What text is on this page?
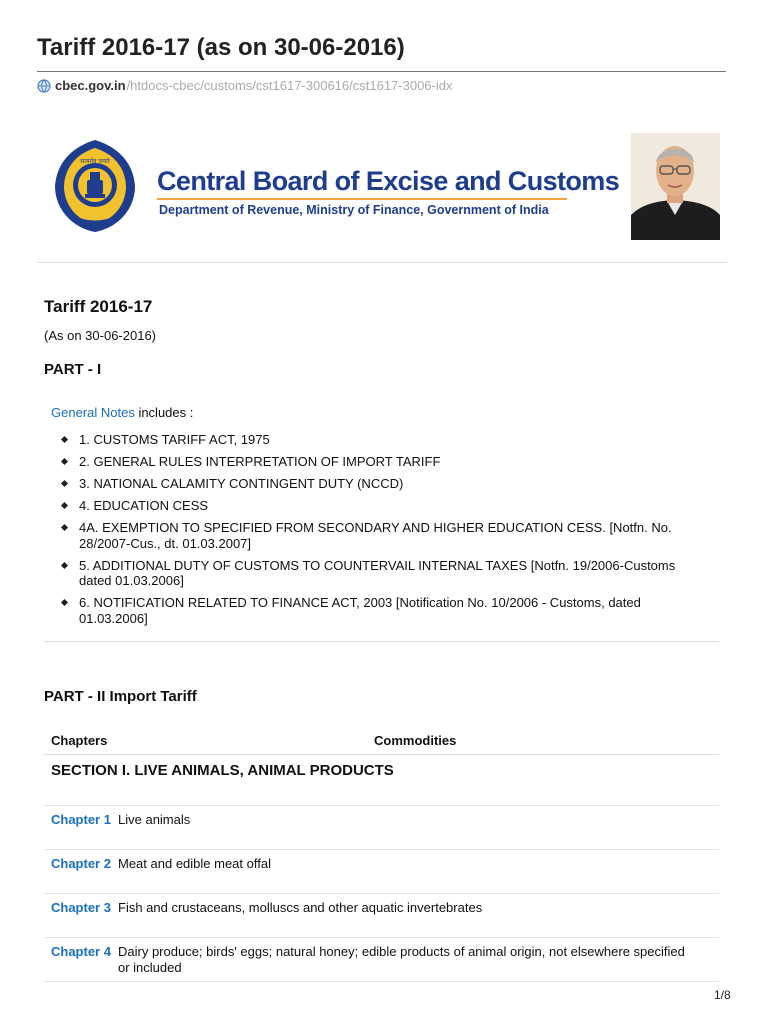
Tariff 2016-17 (as on 30-06-2016)
cbec.gov.in /htdocs-cbec/customs/cst1617-300616/cst1617-3006-idx
सत्यमेव जयते
Central Board of Excise and Customs
Department of Revenue, Ministry of Finance, Government of India
Tariff 2016-17
(As on 30-06-2016)
PART - I
General Notes includes :
1. CUSTOMS TARIFF ACT, 1975
2. GENERAL RULES INTERPRETATION OF IMPORT TARIFF
3. NATIONAL CALAMITY CONTINGENT DUTY (NCCD)
4. EDUCATION CESS
4A. EXEMPTION TO SPECIFIED FROM SECONDARY AND HIGHER EDUCATION CESS. [Notfn. No. 28/2007-Cus., dt. 01.03.2007]
5. ADDITIONAL DUTY OF CUSTOMS TO COUNTERVAIL INTERNAL TAXES [Notfn. 19/2006-Customs dated 01.03.2006]
6. NOTIFICATION RELATED TO FINANCE ACT, 2003 [Notification No. 10/2006 - Customs, dated 01.03.2006]
PART - II Import Tariff
Chapters	Commodities
SECTION I. LIVE ANIMALS, ANIMAL PRODUCTS
Chapter 1 Live animals
Chapter 2 Meat and edible meat offal
Chapter 3 Fish and crustaceans, molluscs and other aquatic invertebrates
Chapter 4 Dairy produce; birds' eggs; natural honey; edible products of animal origin, not elsewhere specified or included
1/8
